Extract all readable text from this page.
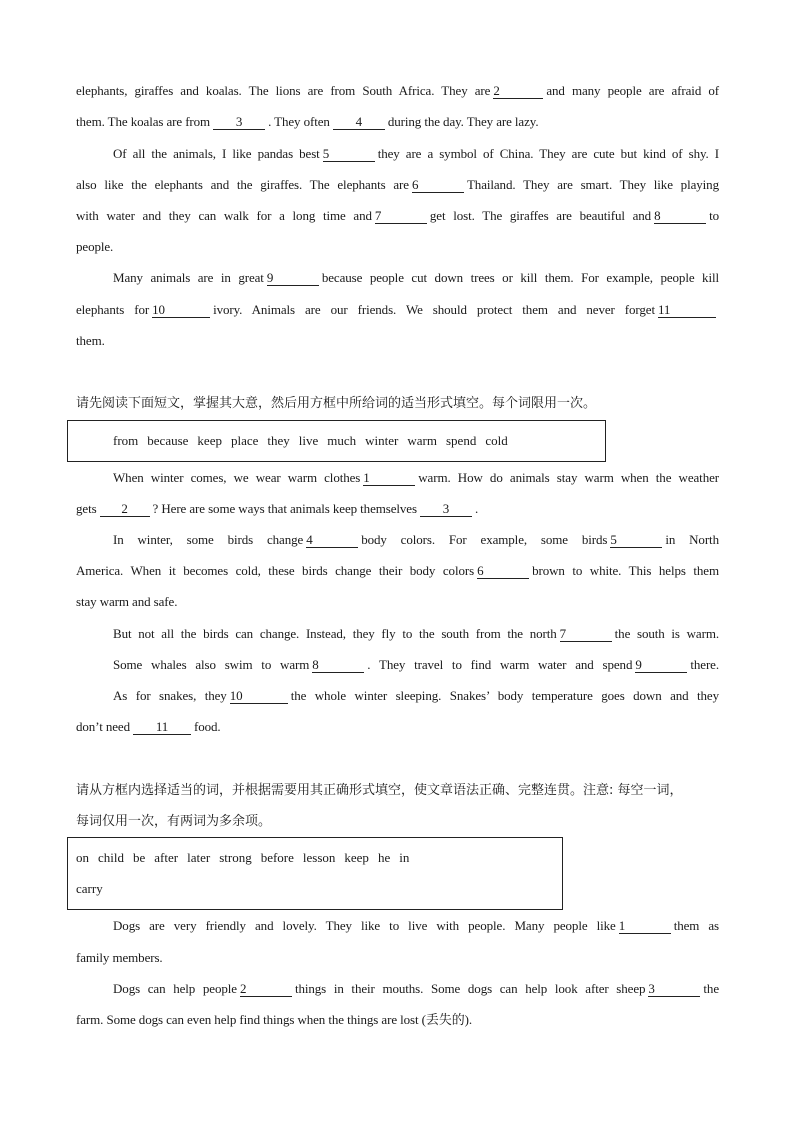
elephants, giraffes and koalas. The lions are from South Africa. They are 2	and many people are afraid of
them. The koalas are from 3 . They often 4 during the day. They are lazy.
Of all the animals, I like pandas best 5	they are a symbol of China. They are cute but kind of shy. I
also like the elephants and the giraffes. The elephants are 6	Thailand. They are smart. They like playing
with water and they can walk for a long time and 7	get lost. The giraffes are beautiful and 8	to
people.
Many animals are in great 9	because people cut down trees or kill them. For example, people kill
elephants for 10	ivory. Animals are our friends. We should protect them and never forget 11
them.
请先阅读下面短文，掌握其大意，然后用方框中所给词的适当形式填空。每个词限用一次。
from because keep place they live much winter warm spend cold
When winter comes, we wear warm clothes 1	warm. How do animals stay warm when the weather
gets 2 ? Here are some ways that animals keep themselves 3 .
In winter, some birds change 4	body colors. For example, some birds 5	in North
America. When it becomes cold, these birds change their body colors 6	brown to white. This helps them
stay warm and safe.
But not all the birds can change. Instead, they fly to the south from the north 7	the south is warm.
Some whales also swim to warm 8	. They travel to find warm water and spend 9	there.
As for snakes, they 10	the whole winter sleeping. Snakes’ body temperature goes down and they
don’t need 11 food.
请从方框内选择适当的词，并根据需要用其正确形式填空，使文章语法正确、完整连贯。注意: 每空一词，
每词仅用一次，有两词为多余项。
on child be after later strong before lesson keep he in
carry
Dogs are very friendly and lovely. They like to live with people. Many people like 1	them as
family members.
Dogs can help people 2	things in their mouths. Some dogs can help look after sheep 3	the
farm. Some dogs can even help find things when the things are lost (丢失的).
